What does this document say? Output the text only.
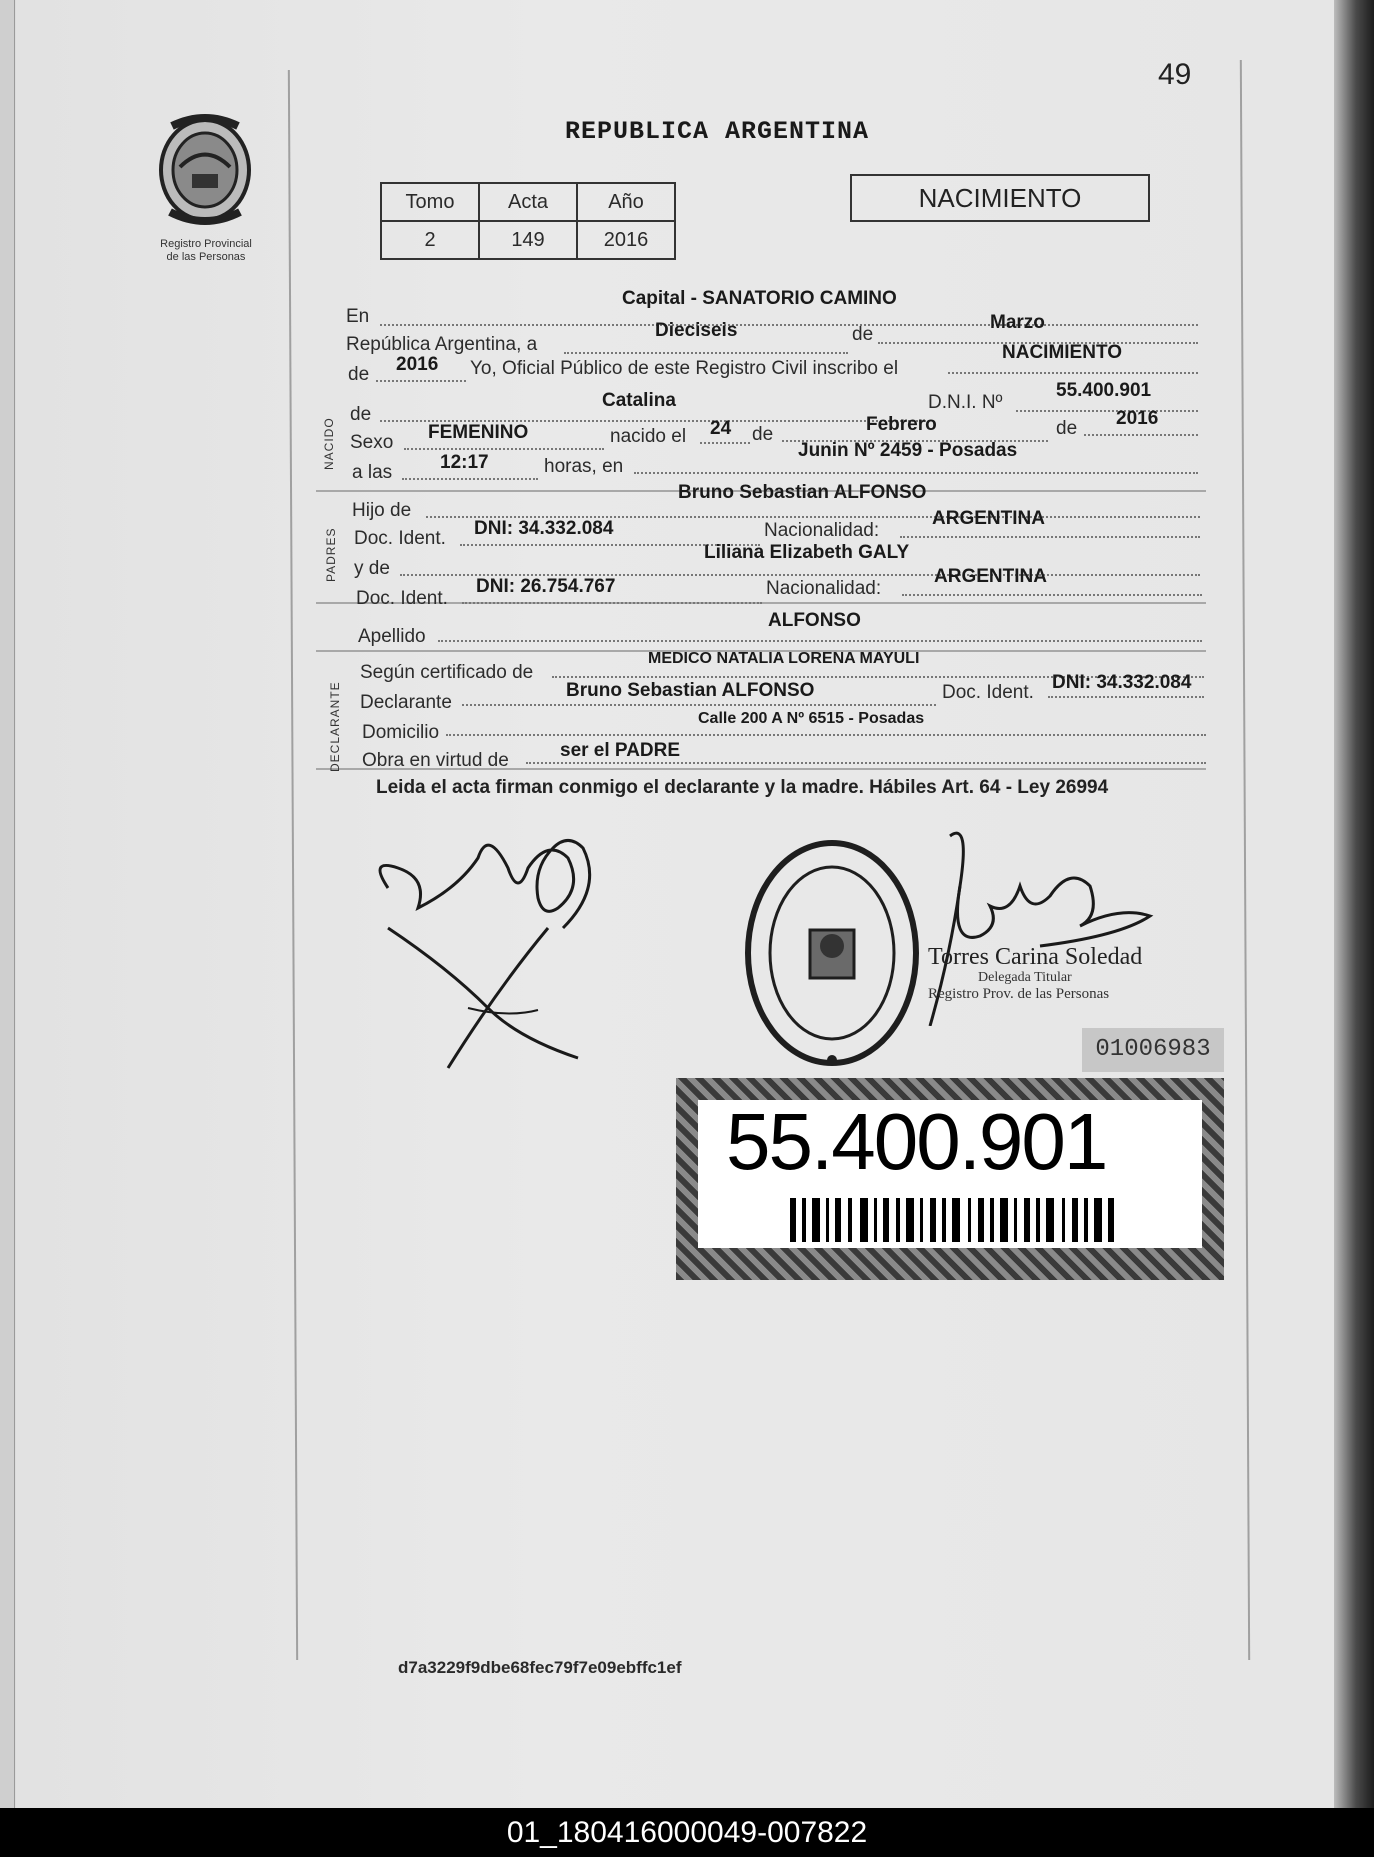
49
Registro Provincial
de las Personas
REPUBLICA ARGENTINA
Tomo	Acta	Año
2	149	2016
NACIMIENTO
NACIDO
PADRES
DECLARANTE
En
Capital - SANATORIO CAMINO
República Argentina, a
Dieciseis	de
Marzo
de 2016 Yo, Oficial Público de este Registro Civil inscribo el
NACIMIENTO
de
Catalina	D.N.I. Nº
55.400.901
Sexo FEMENINO	nacido el 24 de	Febrero	de 2016
a las	12:17	horas, en
Junin Nº 2459 - Posadas
Hijo de
Bruno Sebastian ALFONSO
Doc. Ident. DNI: 34.332.084	Nacionalidad:
ARGENTINA
y de
Liliana Elizabeth GALY
Doc. Ident.
DNI: 26.754.767	Nacionalidad:
ARGENTINA
Apellido
ALFONSO
Según certificado de
MEDICO NATALIA LORENA MAYULI
Declarante
Bruno Sebastian ALFONSO	Doc. Ident. DNI: 34.332.084
Domicilio
Calle 200 A Nº 6515 - Posadas
Obra en virtud de	ser el PADRE
Leida el acta firman conmigo el declarante y la madre. Hábiles Art. 64 - Ley 26994
Torres Carina Soledad
Delegada Titular
Registro Prov. de las Personas
01006983
55.400.901
d7a3229f9dbe68fec79f7e09ebffc1ef
01_180416000049-007822
